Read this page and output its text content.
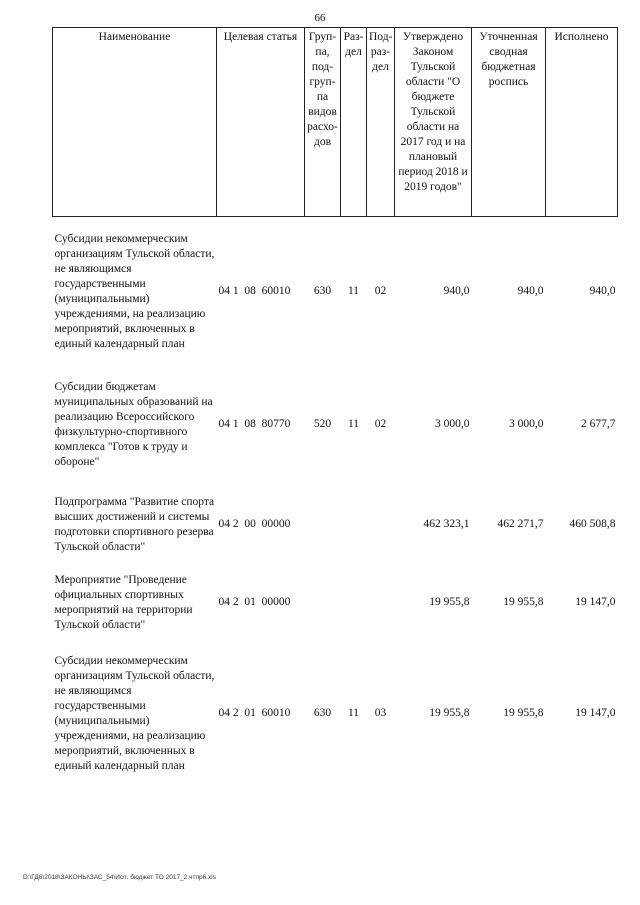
66
Наименование	Целевая статья	Груп-па, под-груп-па видов расхо-дов	Раз-дел	Под-раз-дел	Утверждено Законом Тульской области "О бюджете Тульской области на 2017 год и на плановый период 2018 и 2019 годов"	Уточненная сводная бюджетная роспись	Исполнено
Субсидии некоммерческим организациям Тульской области, не являющимся государственными (муниципальными) учреждениями, на реализацию мероприятий, включенных в единый календарный план	04 1 08 60010	630	11	02	940,0	940,0	940,0
Субсидии бюджетам муниципальных образований на реализацию Всероссийского физкультурно-спортивного комплекса "Готов к труду и обороне"	04 1 08 80770	520	11	02	3 000,0	3 000,0	2 677,7
Подпрограмма "Развитие спорта высших достижений и системы подготовки спортивного резерва Тульской области"	04 2 00 00000				462 323,1	462 271,7	460 508,8
Мероприятие "Проведение официальных спортивных мероприятий на территории Тульской области"	04 2 01 00000				19 955,8	19 955,8	19 147,0
Субсидии некоммерческим организациям Тульской области, не являющимся государственными (муниципальными) учреждениями, на реализацию мероприятий, включенных в единый календарный план	04 2 01 60010	630	11	03	19 955,8	19 955,8	19 147,0
D:\ГД6\2018\ЗАКОНЫ\ЗАС_54\Исп. бюджет ТО 2017_2 чтпр6.xls
